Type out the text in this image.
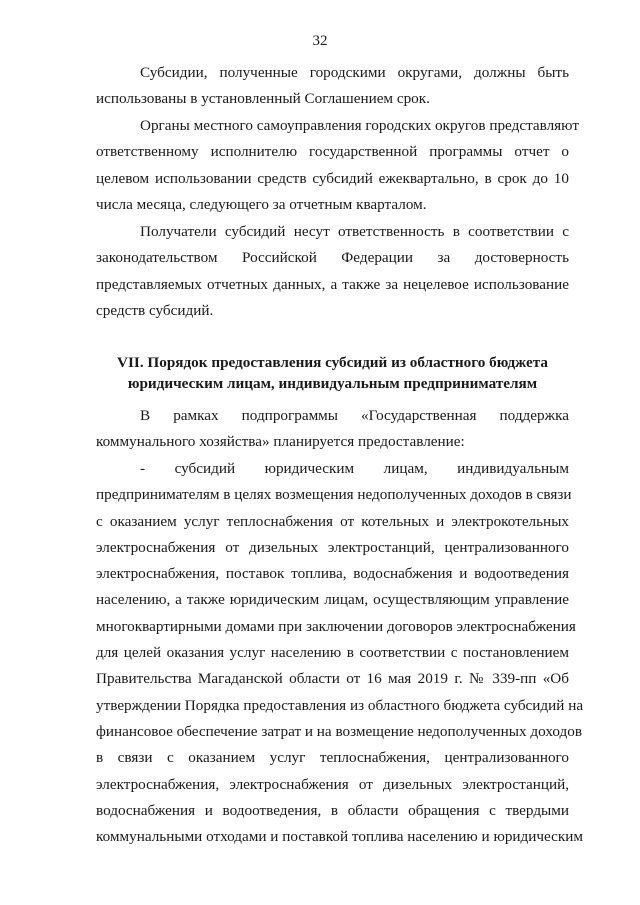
32
Субсидии, полученные городскими округами, должны быть
использованы в установленный Соглашением срок.
Органы местного самоуправления городских округов представляют
ответственному исполнителю государственной программы отчет о
целевом использовании средств субсидий ежеквартально, в срок до 10
числа месяца, следующего за отчетным кварталом.
Получатели субсидий несут ответственность в соответствии с
законодательством Российской Федерации за достоверность
представляемых отчетных данных, а также за нецелевое использование
средств субсидий.
VII. Порядок предоставления субсидий из областного бюджета
юридическим лицам, индивидуальным предпринимателям
В рамках подпрограммы «Государственная поддержка
коммунального хозяйства» планируется предоставление:
- субсидий юридическим лицам, индивидуальным
предпринимателям в целях возмещения недополученных доходов в связи
с оказанием услуг теплоснабжения от котельных и электрокотельных
электроснабжения от дизельных электростанций, централизованного
электроснабжения, поставок топлива, водоснабжения и водоотведения
населению, а также юридическим лицам, осуществляющим управление
многоквартирными домами при заключении договоров электроснабжения
для целей оказания услуг населению в соответствии с постановлением
Правительства Магаданской области от 16 мая 2019 г. № 339-пп «Об
утверждении Порядка предоставления из областного бюджета субсидий на
финансовое обеспечение затрат и на возмещение недополученных доходов
в связи с оказанием услуг теплоснабжения, централизованного
электроснабжения, электроснабжения от дизельных электростанций,
водоснабжения и водоотведения, в области обращения с твердыми
коммунальными отходами и поставкой топлива населению и юридическим
